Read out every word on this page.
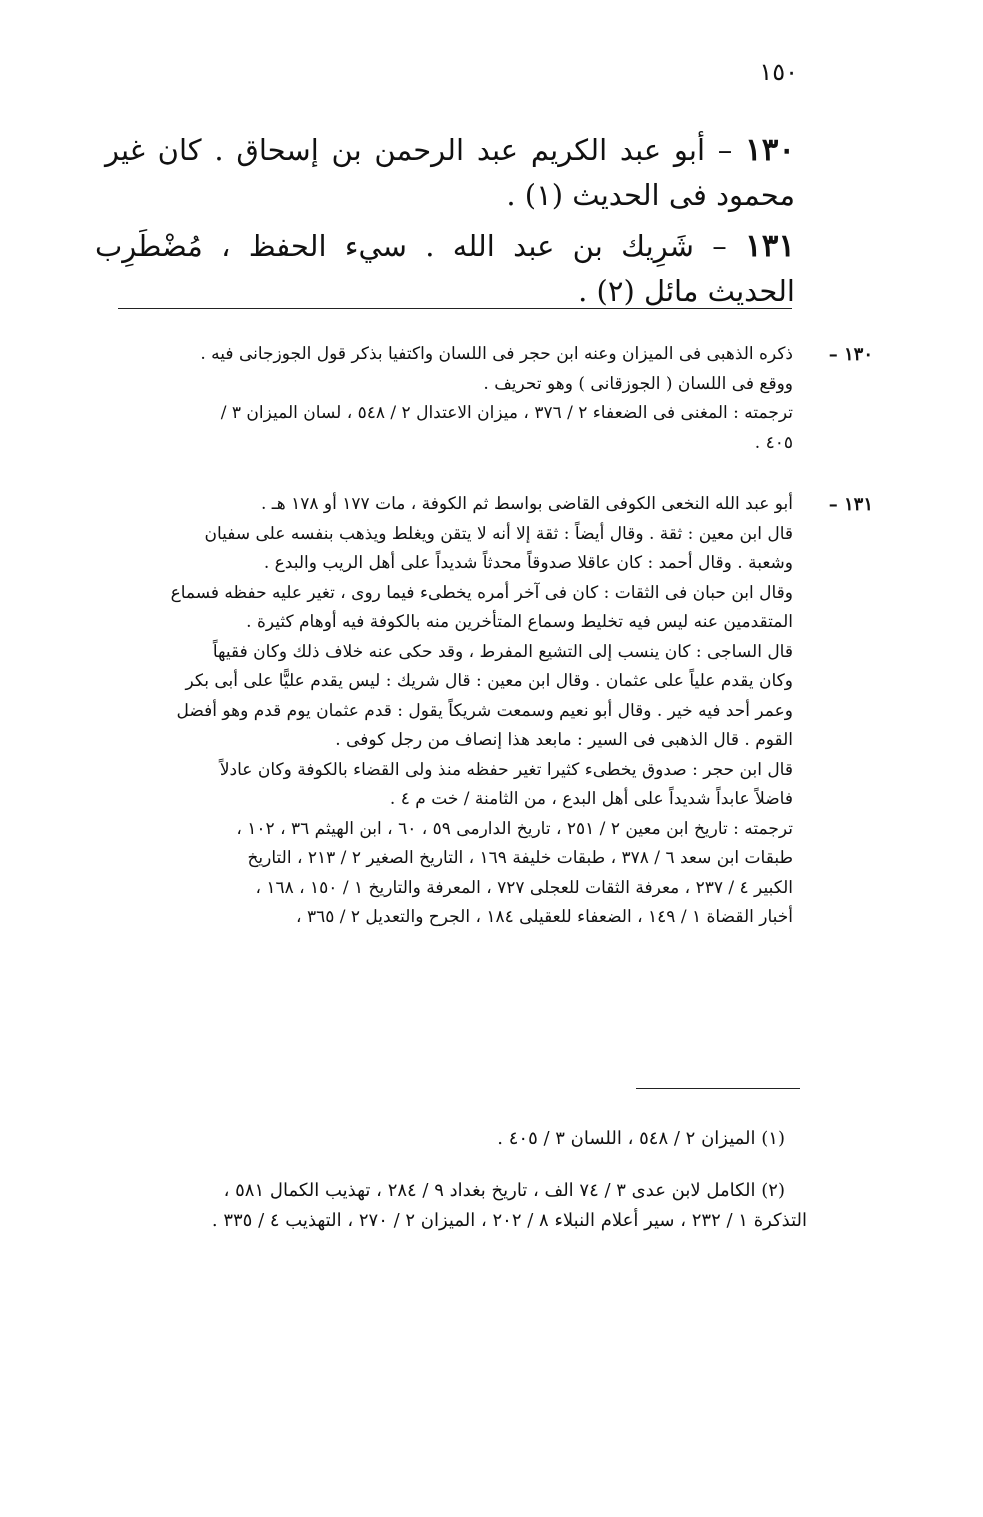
١٥٠
١٣٠ – أبو عبد الكريم عبد الرحمن بن إسحاق . كان غير محمود فى الحديث (١) .
١٣١ – شَرِيك بن عبد الله . سيء الحفظ ، مُضْطَرِب الحديث مائل (٢) .
١٣٠ –
ذكره الذهبى فى الميزان وعنه ابن حجر فى اللسان واكتفيا بذكر قول الجوزجانى فيه .
ووقع فى اللسان ( الجوزقانى ) وهو تحريف .
ترجمته : المغنى فى الضعفاء ٢ / ٣٧٦ ، ميزان الاعتدال ٢ / ٥٤٨ ، لسان الميزان ٣ /
٤٠٥ .
١٣١ –
أبو عبد الله النخعى الكوفى القاضى بواسط ثم الكوفة ، مات ١٧٧ أو ١٧٨ هـ .
قال ابن معين : ثقة . وقال أيضاً : ثقة إلا أنه لا يتقن ويغلط ويذهب بنفسه على سفيان
وشعبة . وقال أحمد : كان عاقلا صدوقاً محدثاً شديداً على أهل الريب والبدع .
وقال ابن حبان فى الثقات : كان فى آخر أمره يخطىء فيما روى ، تغير عليه حفظه فسماع
المتقدمين عنه ليس فيه تخليط وسماع المتأخرين منه بالكوفة فيه أوهام كثيرة .
قال الساجى : كان ينسب إلى التشيع المفرط ، وقد حكى عنه خلاف ذلك وكان فقيهاً
وكان يقدم علياً على عثمان . وقال ابن معين : قال شريك : ليس يقدم عليًّا على أبى بكر
وعمر أحد فيه خير . وقال أبو نعيم وسمعت شريكاً يقول : قدم عثمان يوم قدم وهو أفضل
القوم . قال الذهبى فى السير : مابعد هذا إنصاف من رجل كوفى .
قال ابن حجر : صدوق يخطىء كثيرا تغير حفظه منذ ولى القضاء بالكوفة وكان عادلاً
فاضلاً عابداً شديداً على أهل البدع ، من الثامنة / خت م ٤ .
ترجمته : تاريخ ابن معين ٢ / ٢٥١ ، تاريخ الدارمى ٥٩ ، ٦٠ ، ابن الهيثم ٣٦ ، ١٠٢ ،
طبقات ابن سعد ٦ / ٣٧٨ ، طبقات خليفة ١٦٩ ، التاريخ الصغير ٢ / ٢١٣ ، التاريخ
الكبير ٤ / ٢٣٧ ، معرفة الثقات للعجلى ٧٢٧ ، المعرفة والتاريخ ١ / ١٥٠ ، ١٦٨ ،
أخبار القضاة ١ / ١٤٩ ، الضعفاء للعقيلى ١٨٤ ، الجرح والتعديل ٢ / ٣٦٥ ،
(١) الميزان ٢ / ٥٤٨ ، اللسان ٣ / ٤٠٥ .
(٢) الكامل لابن عدى ٣ / ٧٤ الف ، تاريخ بغداد ٩ / ٢٨٤ ، تهذيب الكمال ٥٨١ ،
التذكرة ١ / ٢٣٢ ، سير أعلام النبلاء ٨ / ٢٠٢ ، الميزان ٢ / ٢٧٠ ، التهذيب ٤ / ٣٣٥ .
